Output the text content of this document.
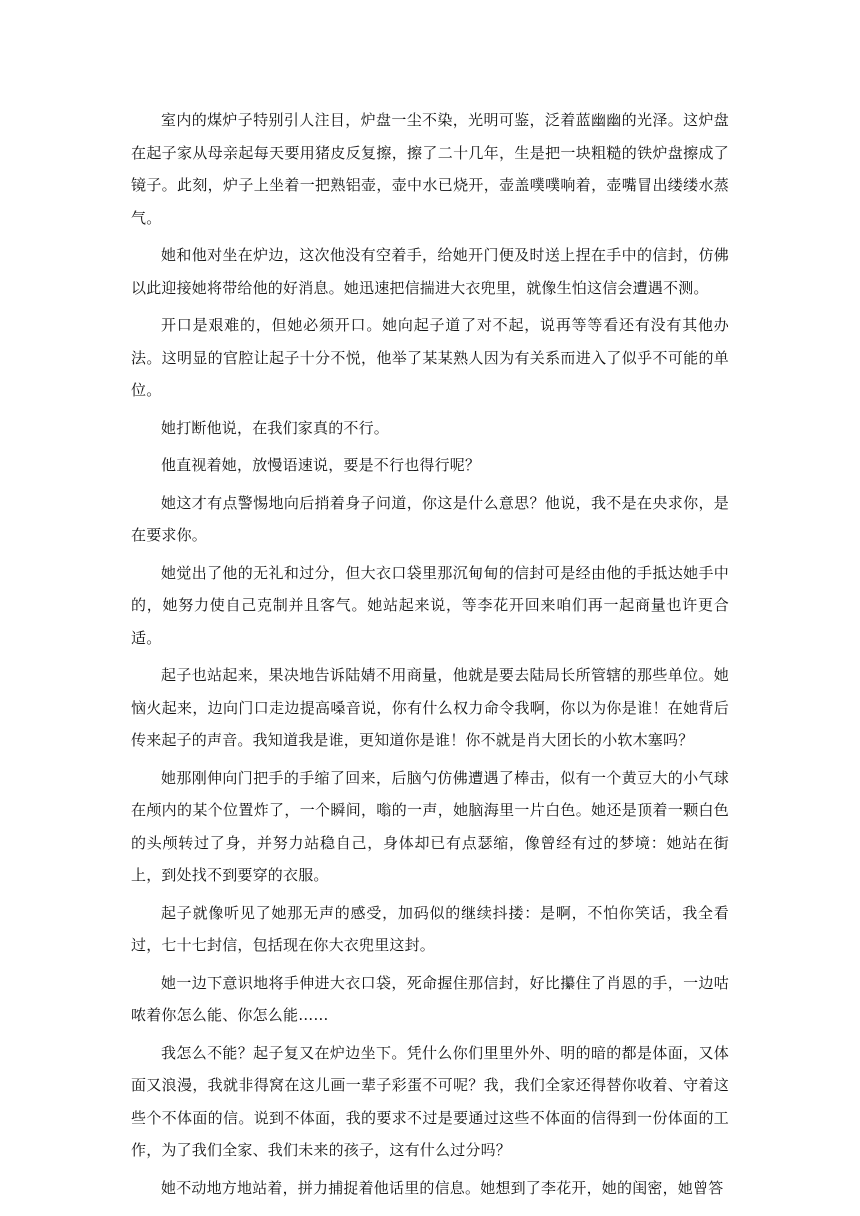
室内的煤炉子特别引人注目，炉盘一尘不染，光明可鉴，泛着蓝幽幽的光泽。这炉盘在起子家从母亲起每天要用猪皮反复擦，擦了二十几年，生是把一块粗糙的铁炉盘擦成了镜子。此刻，炉子上坐着一把熟铝壶，壶中水已烧开，壶盖噗噗响着，壶嘴冒出缕缕水蒸气。

她和他对坐在炉边，这次他没有空着手，给她开门便及时送上捏在手中的信封，仿佛以此迎接她将带给他的好消息。她迅速把信揣进大衣兜里，就像生怕这信会遭遇不测。

开口是艰难的，但她必须开口。她向起子道了对不起，说再等等看还有没有其他办法。这明显的官腔让起子十分不悦，他举了某某熟人因为有关系而进入了似乎不可能的单位。

她打断他说，在我们家真的不行。

他直视着她，放慢语速说，要是不行也得行呢？

她这才有点警惕地向后捎着身子问道，你这是什么意思？他说，我不是在央求你，是在要求你。

她觉出了他的无礼和过分，但大衣口袋里那沉甸甸的信封可是经由他的手抵达她手中的，她努力使自己克制并且客气。她站起来说，等李花开回来咱们再一起商量也许更合适。

起子也站起来，果决地告诉陆婧不用商量，他就是要去陆局长所管辖的那些单位。她恼火起来，边向门口走边提高嗓音说，你有什么权力命令我啊，你以为你是谁！在她背后传来起子的声音。我知道我是谁，更知道你是谁！你不就是肖大团长的小软木塞吗？

她那刚伸向门把手的手缩了回来，后脑勺仿佛遭遇了棒击，似有一个黄豆大的小气球在颅内的某个位置炸了，一个瞬间，嗡的一声，她脑海里一片白色。她还是顶着一颗白色的头颅转过了身，并努力站稳自己，身体却已有点瑟缩，像曾经有过的梦境：她站在街上，到处找不到要穿的衣服。

起子就像听见了她那无声的感受，加码似的继续抖搂：是啊，不怕你笑话，我全看过，七十七封信，包括现在你大衣兜里这封。

她一边下意识地将手伸进大衣口袋，死命握住那信封，好比攥住了肖恩的手，一边咕哝着你怎么能、你怎么能……

我怎么不能？起子复又在炉边坐下。凭什么你们里里外外、明的暗的都是体面，又体面又浪漫，我就非得窝在这儿画一辈子彩蛋不可呢？我，我们全家还得替你收着、守着这些个不体面的信。说到不体面，我的要求不过是要通过这些不体面的信得到一份体面的工作，为了我们全家、我们未来的孩子，这有什么过分吗？

她不动地方地站着，拼力捕捉着他话里的信息。她想到了李花开，她的闺密，她曾答
